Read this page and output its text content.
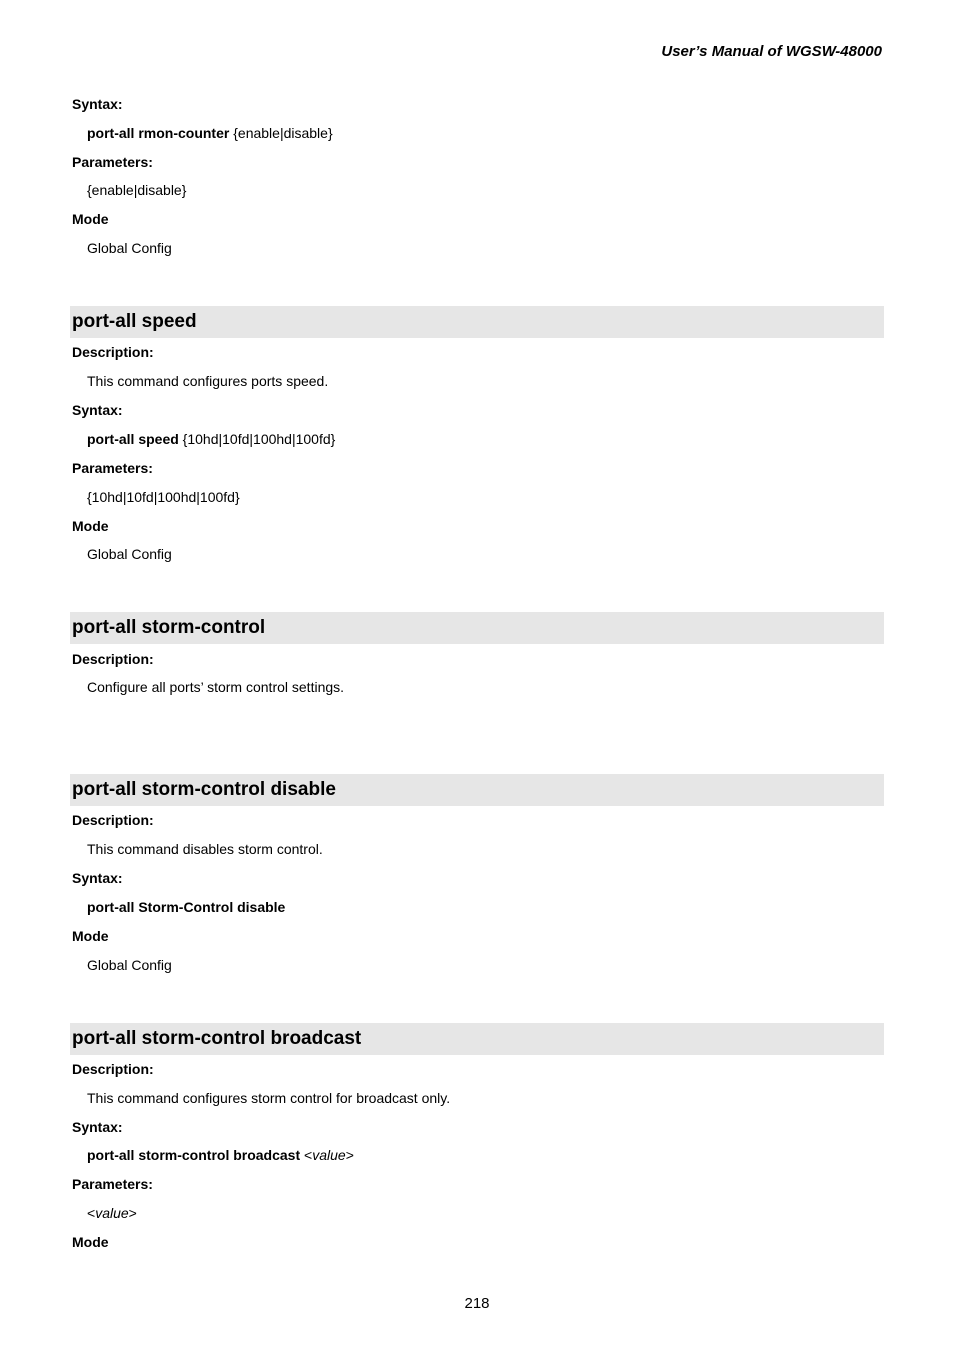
User’s Manual of WGSW-48000
Syntax:
port-all rmon-counter {enable|disable}
Parameters:
{enable|disable}
Mode
Global Config
port-all speed
Description:
This command configures ports speed.
Syntax:
port-all speed {10hd|10fd|100hd|100fd}
Parameters:
{10hd|10fd|100hd|100fd}
Mode
Global Config
port-all storm-control
Description:
Configure all ports’ storm control settings.
port-all storm-control disable
Description:
This command disables storm control.
Syntax:
port-all Storm-Control disable
Mode
Global Config
port-all storm-control broadcast
Description:
This command configures storm control for broadcast only.
Syntax:
port-all storm-control broadcast <value>
Parameters:
<value>
Mode
218
